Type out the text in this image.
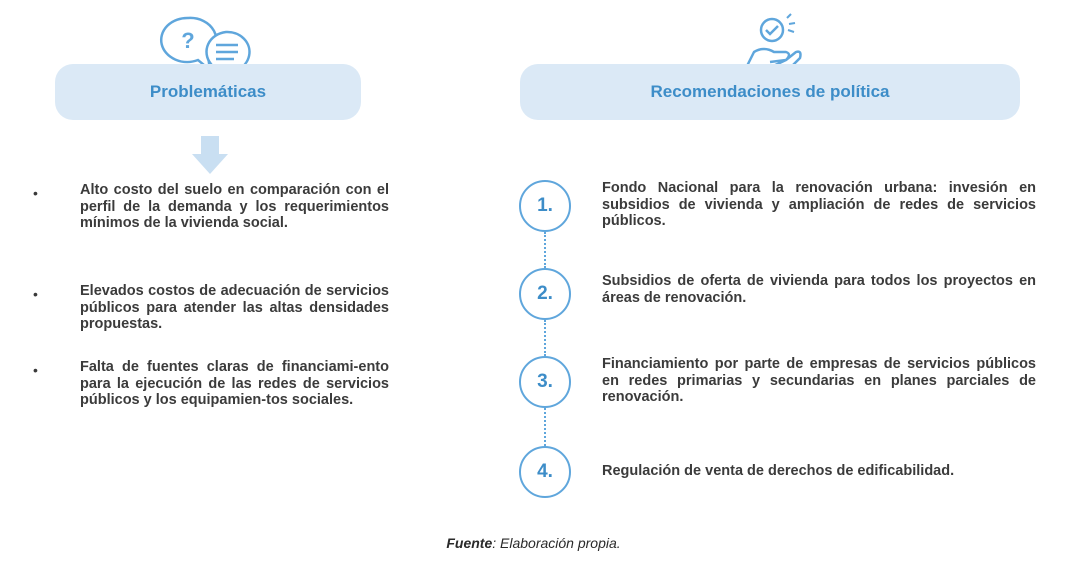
?
Problemáticas	Recomendaciones de política
•	Alto costo del suelo en comparación con el perfil de la demanda y los requerimientos mínimos de la vivienda social.
•	Elevados costos de adecuación de servicios públicos para atender las altas densidades propuestas.
•	Falta de fuentes claras de financiami-ento para la ejecución de las redes de servicios públicos y los equipamien-tos sociales.
1.
Fondo Nacional para la renovación urbana: invesión en subsidios de vivienda y ampliación de redes de servicios públicos.
2.
Subsidios de oferta de vivienda para todos los proyectos en áreas de renovación.
3.
Financiamiento por parte de empresas de servicios públicos en redes primarias y secundarias en planes parciales de renovación.
4.	Regulación de venta de derechos de edificabilidad.
Fuente: Elaboración propia.
